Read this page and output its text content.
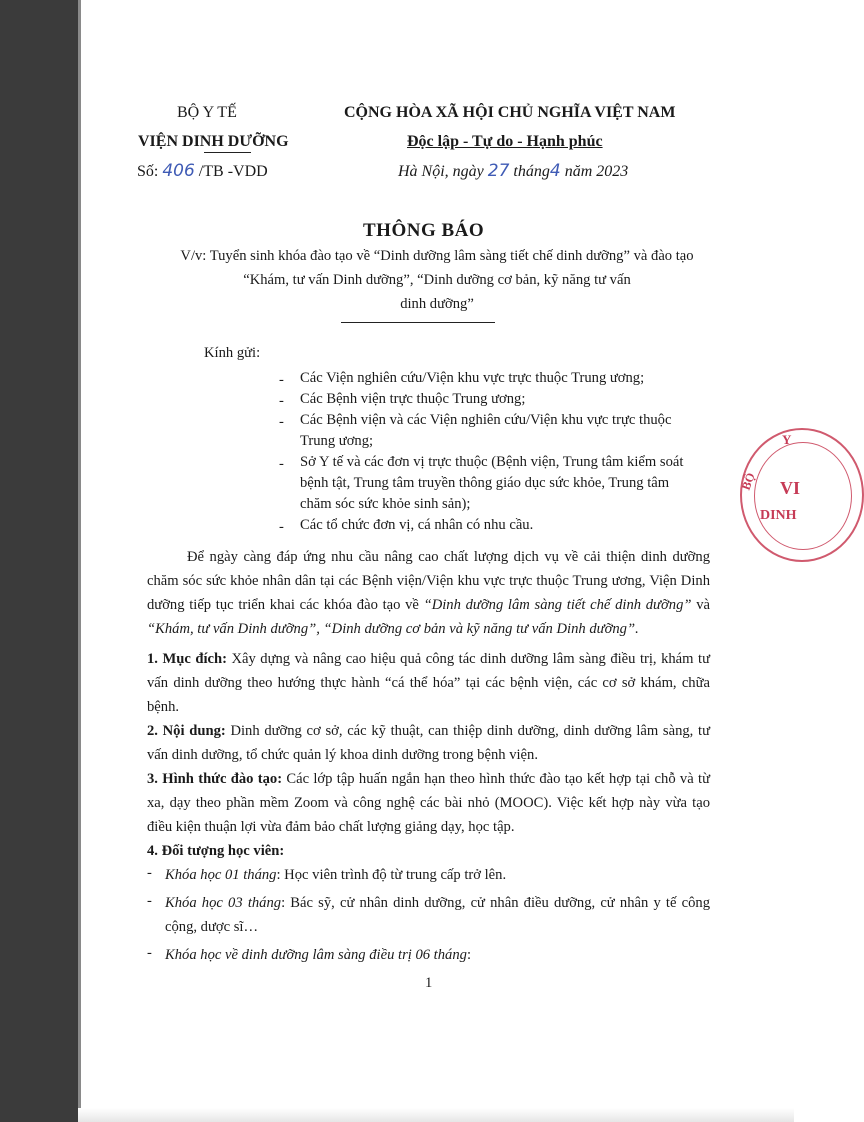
BỘ Y TẾ
VIỆN DINH DƯỠNG
Số: 406 /TB -VDD
CỘNG HÒA XÃ HỘI CHỦ NGHĨA VIỆT NAM
Độc lập - Tự do - Hạnh phúc
Hà Nội, ngày 27 tháng4 năm 2023
THÔNG BÁO
V/v: Tuyển sinh khóa đào tạo về “Dinh dưỡng lâm sàng tiết chế dinh dưỡng” và đào tạo
“Khám, tư vấn Dinh dưỡng”, “Dinh dưỡng cơ bản, kỹ năng tư vấn
dinh dưỡng”
Kính gửi:
- Các Viện nghiên cứu/Viện khu vực trực thuộc Trung ương;
- Các Bệnh viện trực thuộc Trung ương;
- Các Bệnh viện và các Viện nghiên cứu/Viện khu vực trực thuộc
Trung ương;
- Sở Y tế và các đơn vị trực thuộc (Bệnh viện, Trung tâm kiểm soát
bệnh tật, Trung tâm truyền thông giáo dục sức khỏe, Trung tâm
chăm sóc sức khỏe sinh sản);
- Các tổ chức đơn vị, cá nhân có nhu cầu.
Để ngày càng đáp ứng nhu cầu nâng cao chất lượng dịch vụ về cải thiện dinh dưỡng chăm sóc sức khỏe nhân dân tại các Bệnh viện/Viện khu vực trực thuộc Trung ương, Viện Dinh dưỡng tiếp tục triển khai các khóa đào tạo về “Dinh dưỡng lâm sàng tiết chế dinh dưỡng” và “Khám, tư vấn Dinh dưỡng”, “Dinh dưỡng cơ bản và kỹ năng tư vấn Dinh dưỡng”.
1. Mục đích: Xây dựng và nâng cao hiệu quả công tác dinh dưỡng lâm sàng điều trị, khám tư vấn dinh dưỡng theo hướng thực hành “cá thể hóa” tại các bệnh viện, các cơ sở khám, chữa bệnh.
2. Nội dung: Dinh dưỡng cơ sở, các kỹ thuật, can thiệp dinh dưỡng, dinh dưỡng lâm sàng, tư vấn dinh dưỡng, tổ chức quản lý khoa dinh dưỡng trong bệnh viện.
3. Hình thức đào tạo: Các lớp tập huấn ngắn hạn theo hình thức đào tạo kết hợp tại chỗ và từ xa, dạy theo phần mềm Zoom và công nghệ các bài nhỏ (MOOC). Việc kết hợp này vừa tạo điều kiện thuận lợi vừa đảm bảo chất lượng giảng dạy, học tập.
4. Đối tượng học viên:
- Khóa học 01 tháng: Học viên trình độ từ trung cấp trở lên.
- Khóa học 03 tháng: Bác sỹ, cử nhân dinh dưỡng, cử nhân điều dưỡng, cử nhân y tế công cộng, dược sĩ…
- Khóa học về dinh dưỡng lâm sàng điều trị 06 tháng:
1
Y
BỘ VI
DINH
